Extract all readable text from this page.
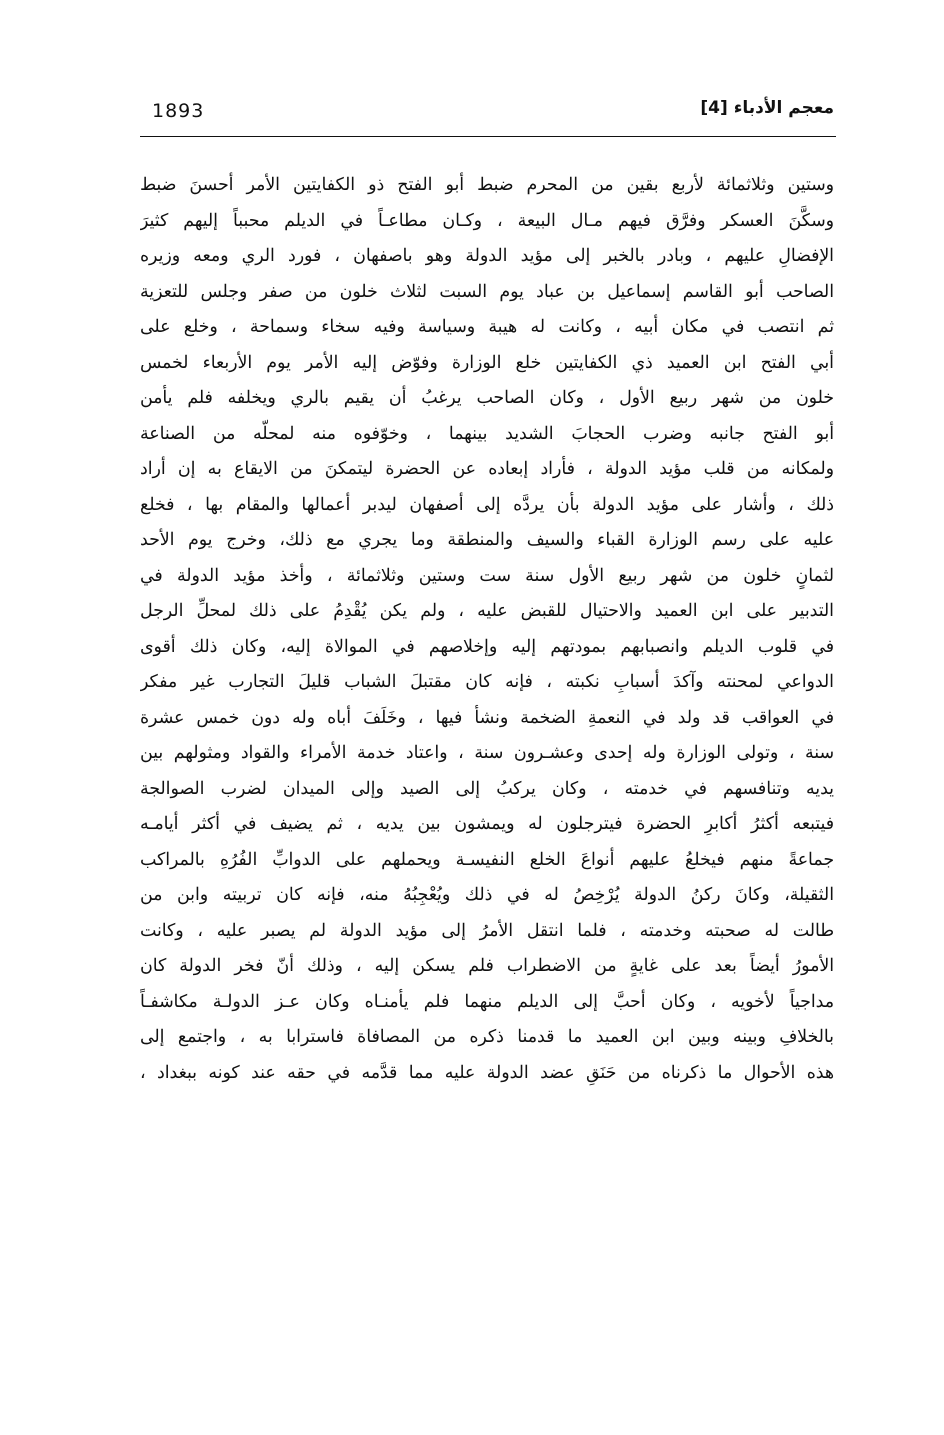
1893	معجم الأدباء [4]
وستين وثلاثمائة لأربع بقين من المحرم ضبط أبو الفتح ذو الكفايتين الأمر أحسنَ ضبط
وسكَّنَ العسكر وفرَّق فيهم مـال البيعة ، وكـان مطاعـاً في الديلم محبباً إليهم كثيرَ
الإفضالِ عليهم ، وبادر بالخبر إلى مؤيد الدولة وهو باصفهان ، فورد الري ومعه وزيره
الصاحب أبو القاسم إسماعيل بن عباد يوم السبت لثلاث خلون من صفر وجلس للتعزية
ثم انتصب في مكان أبيه ، وكانت له هيبة وسياسة وفيه سخاء وسماحة ، وخلع على
أبي الفتح ابن العميد ذي الكفايتين خلع الوزارة وفوّض إليه الأمر يوم الأربعاء لخمس
خلون من شهر ربيع الأول ، وكان الصاحب يرغبُ أن يقيم بالري ويخلفه فلم يأمن
أبو الفتح جانبه وضرب الحجابَ الشديد بينهما ، وخوّفوه منه لمحلّه من الصناعة
ولمكانه من قلب مؤيد الدولة ، فأراد إبعاده عن الحضرة ليتمكنَ من الايقاع به إن أراد
ذلك ، وأشار على مؤيد الدولة بأن يردَّه إلى أصفهان ليدبر أعمالها والمقام بها ، فخلع
عليه على رسم الوزارة القباء والسيف والمنطقة وما يجري مع ذلك، وخرج يوم الأحد
لثمانٍ خلون من شهر ربيع الأول سنة ست وستين وثلاثمائة ، وأخذ مؤيد الدولة في
التدبير على ابن العميد والاحتيال للقبض عليه ، ولم يكن يُقْدِمُ على ذلك لمحلِّ الرجل
في قلوب الديلم وانصبابهم بمودتهم إليه وإخلاصهم في الموالاة إليه، وكان ذلك أقوى
الدواعي لمحنته وآكدَ أسبابِ نكبته ، فإنه كان مقتبلَ الشباب قليلَ التجارب غير مفكر
في العواقب قد ولد في النعمةِ الضخمة ونشأ فيها ، وخَلَفَ أباه وله دون خمس عشرة
سنة ، وتولى الوزارة وله إحدى وعشـرون سنة ، واعتاد خدمة الأمراء والقواد ومثولهم بين
يديه وتنافسهم في خدمته ، وكان يركبُ إلى الصيد وإلى الميدان لضرب الصوالجة
فيتبعه أكثرُ أكابرِ الحضرة فيترجلون له ويمشون بين يديه ، ثم يضيف في أكثر أيامـه
جماعةً منهم فيخلعُ عليهم أنواعَ الخلع النفيسـة ويحملهم على الدوابِّ الفُرُهِ بالمراكب
الثقيلة، وكانَ ركنُ الدولة يُرْخِصُ له في ذلك ويُعْجِبُهُ منه، فإنه كان تربيته وابن من
طالت له صحبته وخدمته ، فلما انتقل الأمرُ إلى مؤيد الدولة لم يصبر عليه ، وكانت
الأمورُ أيضاً بعد على غايةٍ من الاضطراب فلم يسكن إليه ، وذلك أنّ فخر الدولة كان
مداجياً لأخويه ، وكان أحبَّ إلى الديلم منهما فلم يأمنـاه وكان عـز الدولـة مكاشفـاً
بالخلافِ وبينه وبين ابن العميد ما قدمنا ذكره من المصافاة فاسترابا به ، واجتمع إلى
هذه الأحوال ما ذكرناه من حَنَقِ عضد الدولة عليه مما قدَّمه في حقه عند كونه ببغداد ،
